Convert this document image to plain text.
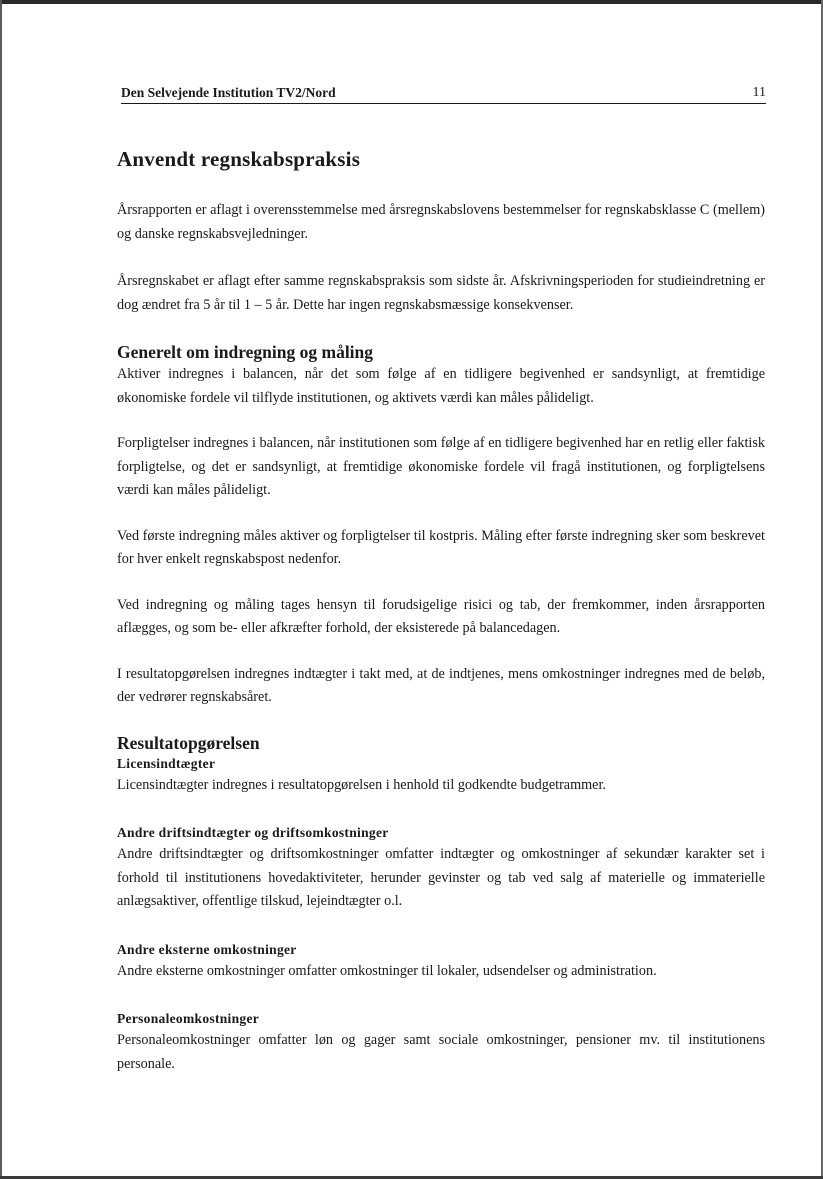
Den Selvejende Institution TV2/Nord	11
Anvendt regnskabspraksis

Årsrapporten er aflagt i overensstemmelse med årsregnskabslovens bestemmelser for regnskabsklasse C (mellem) og danske regnskabsvejledninger.

Årsregnskabet er aflagt efter samme regnskabspraksis som sidste år. Afskrivningsperioden for studieindretning er dog ændret fra 5 år til 1 – 5 år. Dette har ingen regnskabsmæssige konsekvenser.

Generelt om indregning og måling

Aktiver indregnes i balancen, når det som følge af en tidligere begivenhed er sandsynligt, at fremtidige økonomiske fordele vil tilflyde institutionen, og aktivets værdi kan måles pålideligt.

Forpligtelser indregnes i balancen, når institutionen som følge af en tidligere begivenhed har en retlig eller faktisk forpligtelse, og det er sandsynligt, at fremtidige økonomiske fordele vil fragå institutionen, og forpligtelsens værdi kan måles pålideligt.

Ved første indregning måles aktiver og forpligtelser til kostpris. Måling efter første indregning sker som beskrevet for hver enkelt regnskabspost nedenfor.

Ved indregning og måling tages hensyn til forudsigelige risici og tab, der fremkommer, inden årsrapporten aflægges, og som be- eller afkræfter forhold, der eksisterede på balancedagen.

I resultatopgørelsen indregnes indtægter i takt med, at de indtjenes, mens omkostninger indregnes med de beløb, der vedrører regnskabsåret.

Resultatopgørelsen
Licensindtægter

Licensindtægter indregnes i resultatopgørelsen i henhold til godkendte budgetrammer.

Andre driftsindtægter og driftsomkostninger

Andre driftsindtægter og driftsomkostninger omfatter indtægter og omkostninger af sekundær karakter set i forhold til institutionens hovedaktiviteter, herunder gevinster og tab ved salg af materielle og immaterielle anlægsaktiver, offentlige tilskud, lejeindtægter o.l.

Andre eksterne omkostninger

Andre eksterne omkostninger omfatter omkostninger til lokaler, udsendelser og administration.

Personaleomkostninger

Personaleomkostninger omfatter løn og gager samt sociale omkostninger, pensioner mv. til institutionens personale.
